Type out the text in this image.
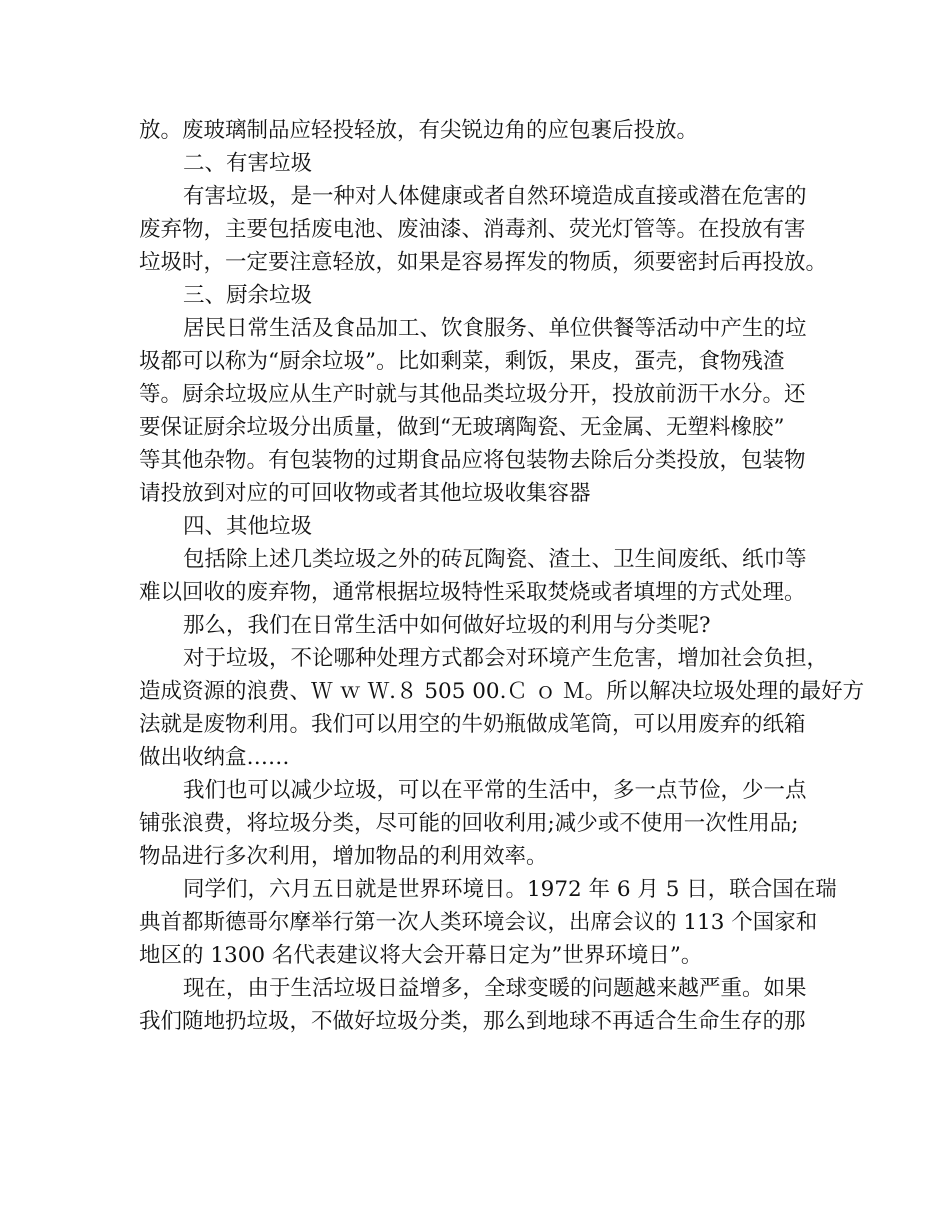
放。废玻璃制品应轻投轻放，有尖锐边角的应包裹后投放。
二、有害垃圾
有害垃圾，是一种对人体健康或者自然环境造成直接或潜在危害的
废弃物，主要包括废电池、废油漆、消毒剂、荧光灯管等。在投放有害
垃圾时，一定要注意轻放，如果是容易挥发的物质，须要密封后再投放。
三、厨余垃圾
居民日常生活及食品加工、饮食服务、单位供餐等活动中产生的垃
圾都可以称为“厨余垃圾”。比如剩菜，剩饭，果皮，蛋壳，食物残渣
等。厨余垃圾应从生产时就与其他品类垃圾分开，投放前沥干水分。还
要保证厨余垃圾分出质量，做到“无玻璃陶瓷、无金属、无塑料橡胶”
等其他杂物。有包装物的过期食品应将包装物去除后分类投放，包装物
请投放到对应的可回收物或者其他垃圾收集容器
四、其他垃圾
包括除上述几类垃圾之外的砖瓦陶瓷、渣土、卫生间废纸、纸巾等
难以回收的废弃物，通常根据垃圾特性采取焚烧或者填埋的方式处理。
那么，我们在日常生活中如何做好垃圾的利用与分类呢?
对于垃圾，不论哪种处理方式都会对环境产生危害，增加社会负担，
造成资源的浪费、Ｗ ｗ Ｗ.８ 505 00.Ｃ ｏ Ｍ。所以解决垃圾处理的最好方
法就是废物利用。我们可以用空的牛奶瓶做成笔筒，可以用废弃的纸箱
做出收纳盒……
我们也可以减少垃圾，可以在平常的生活中，多一点节俭，少一点
铺张浪费，将垃圾分类，尽可能的回收利用;减少或不使用一次性用品;
物品进行多次利用，增加物品的利用效率。
同学们，六月五日就是世界环境日。1972 年 6 月 5 日，联合国在瑞
典首都斯德哥尔摩举行第一次人类环境会议，出席会议的 113 个国家和
地区的 1300 名代表建议将大会开幕日定为”世界环境日”。
现在，由于生活垃圾日益增多，全球变暖的问题越来越严重。如果
我们随地扔垃圾，不做好垃圾分类，那么到地球不再适合生命生存的那
